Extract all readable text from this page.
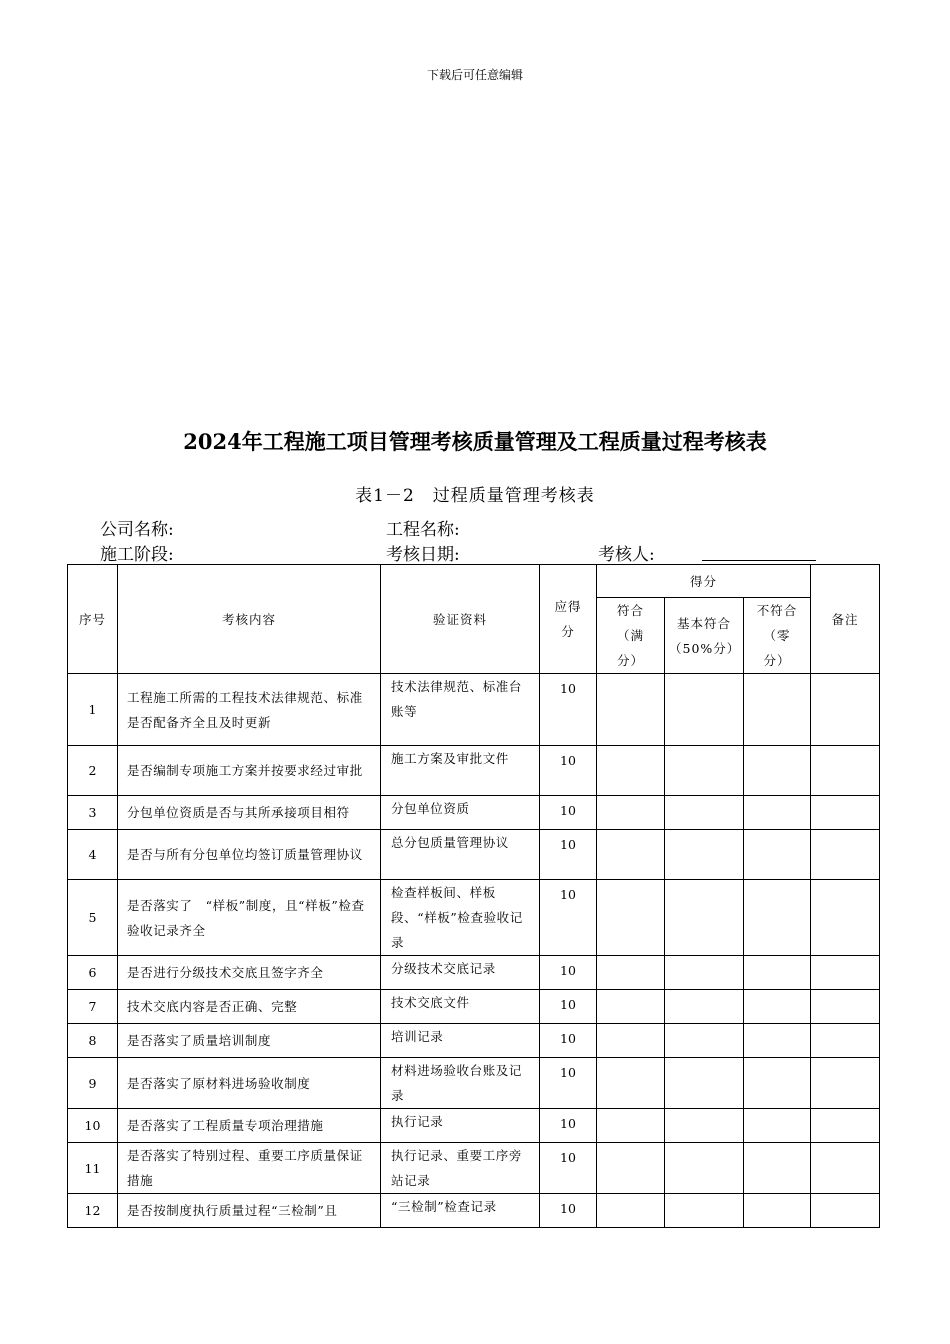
下载后可任意编辑
2024年工程施工项目管理考核质量管理及工程质量过程考核表
表1－2　过程质量管理考核表
公司名称:	工程名称:
施工阶段:	考核日期:	考核人:
序号	考核内容	验证资料	应得分	得分			备注
				符合（满分）	基本符合（50%分）	不符合（零分）	
1	工程施工所需的工程技术法律规范、标准是否配备齐全且及时更新	技术法律规范、标准台账等	10				
2	是否编制专项施工方案并按要求经过审批	施工方案及审批文件	10				
3	分包单位资质是否与其所承接项目相符	分包单位资质	10				
4	是否与所有分包单位均签订质量管理协议	总分包质量管理协议	10				
5	是否落实了　“样板”制度，且“样板”检查验收记录齐全	检查样板间、样板段、“样板”检查验收记录	10				
6	是否进行分级技术交底且签字齐全	分级技术交底记录	10				
7	技术交底内容是否正确、完整	技术交底文件	10				
8	是否落实了质量培训制度	培训记录	10				
9	是否落实了原材料进场验收制度	材料进场验收台账及记录	10				
10	是否落实了工程质量专项治理措施	执行记录	10				
11	是否落实了特别过程、重要工序质量保证措施	执行记录、重要工序旁站记录	10				
12	是否按制度执行质量过程“三检制”且	“三检制”检查记录	10				
